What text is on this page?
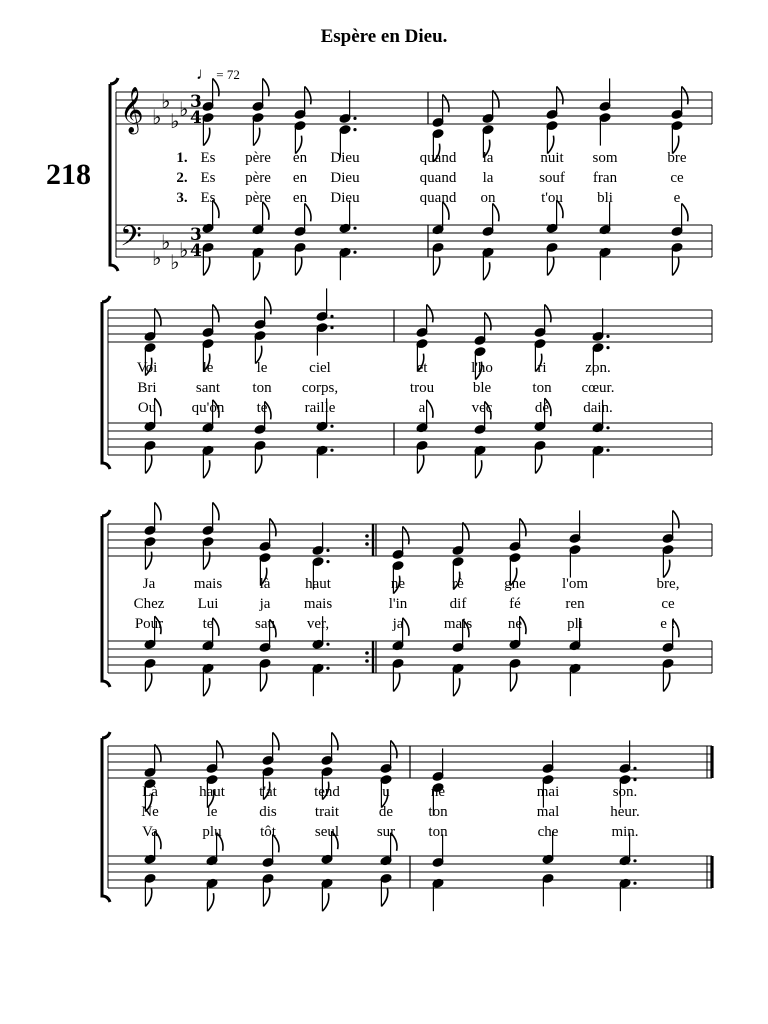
Espère en Dieu.
218
♩ = 72
𝄞
𝄢
♭
♭
♭ ♭
♭
♭
♭ ♭
3
4
3
4
Es père en Dieu	quand la	nuit som	bre
1.
Es père en Dieu	quand la	souf fran	ce
2.
Es père en Dieu	quand on	t'ou bli	e
3.
Voi	le	le	ciel	et	l'ho	ri	zon.
Bri	sant ton corps,	trou	ble	ton cœur.
Ou qu'on te raille	a	vec	dé dain.
Ja	mais là haut	ne	rè	gne l'om	bre,
Chez Lui	ja mais	l'in	dif	fé	ren	ce
Pour	te	sau ver,	ja	mais ne	pli	e !
Là	haut t'at tend	u	ne	mai	son.
Ne	le	dis	trait	de ton	mal	heur.
Va	plu	tôt	seul	sur ton	che	min.
